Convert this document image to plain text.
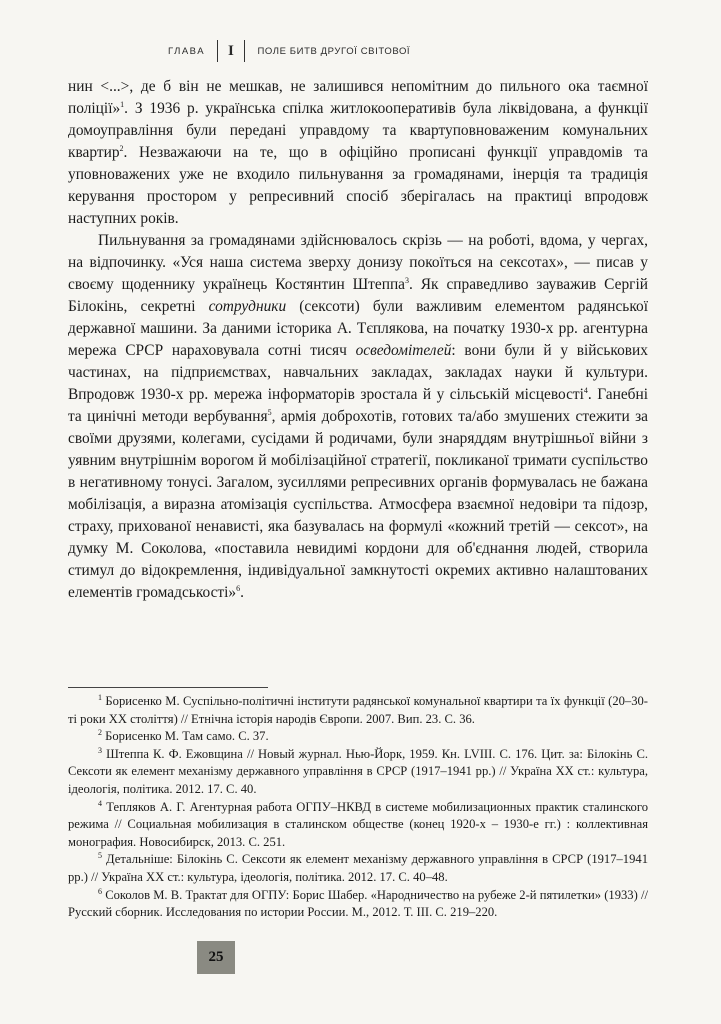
ГЛАВА	I	ПОЛЕ БИТВ ДРУГОЇ СВІТОВОЇ

нин <...>, де б він не мешкав, не залишився непомітним до пильного ока таємної поліції»$^1$. З 1936 р. українська спілка житлокооперативів була ліквідована, а функції домоуправління були передані управдому та квартуповноваженим комунальних квартир$^2$. Незважаючи на те, що в офіційно прописані функції управдомів та уповноважених уже не входило пильнування за громадянами, інерція та традиція керування простором у репресивний спосіб зберігалась на практиці впродовж наступних років.

Пильнування за громадянами здійснювалось скрізь — на роботі, вдома, у чергах, на відпочинку. «Уся наша система зверху донизу покоїться на сексотах», — писав у своєму щоденнику українець Костянтин Штеппа$^3$. Як справедливо зауважив Сергій Білокінь, секретні сотрудники (сексоти) були важливим елементом радянської державної машини. За даними історика А. Тєплякова, на початку 1930-х рр. агентурна мережа СРСР нараховувала сотні тисяч осведомітелей: вони були й у військових частинах, на підприємствах, навчальних закладах, закладах науки й культури. Впродовж 1930-х рр. мережа інформаторів зростала й у сільській місцевості$^4$. Ганебні та цинічні методи вербування$^5$, армія доброхотів, готових та/або змушених стежити за своїми друзями, колегами, сусідами й родичами, були знаряддям внутрішньої війни з уявним внутрішнім ворогом й мобілізаційної стратегії, покликаної тримати суспільство в негативному тонусі. Загалом, зусиллями репресивних органів формувалась не бажана мобілізація, а виразна атомізація суспільства. Атмосфера взаємної недовіри та підозр, страху, прихованої ненависті, яка базувалась на формулі «кожний третій — сексот», на думку М. Соколова, «поставила невидимі кордони для об'єднання людей, створила стимул до відокремлення, індивідуальної замкнутості окремих активно налаштованих елементів громадськості»$^6$.

$^1$ Борисенко М. Суспільно-політичні інститути радянської комунальної квартири та їх функції (20–30-ті роки XX століття) // Етнічна історія народів Європи. 2007. Вип. 23. С. 36.

$^2$ Борисенко М. Там само. С. 37.

$^3$ Штеппа К. Ф. Ежовщина // Новый журнал. Нью-Йорк, 1959. Кн. LVIII. С. 176. Цит. за: Білокінь С. Сексоти як елемент механізму державного управління в СРСР (1917–1941 рр.) // Україна XX ст.: культура, ідеологія, політика. 2012. 17. С. 40.

$^4$ Тепляков А. Г. Агентурная работа ОГПУ–НКВД в системе мобилизационных практик сталинского режима // Социальная мобилизация в сталинском обществе (конец 1920-х – 1930-е гг.) : коллективная монография. Новосибирск, 2013. С. 251.

$^5$ Детальніше: Білокінь С. Сексоти як елемент механізму державного управління в СРСР (1917–1941 рр.) // Україна XX ст.: культура, ідеологія, політика. 2012. 17. С. 40–48.

$^6$ Соколов М. В. Трактат для ОГПУ: Борис Шабер. «Народничество на рубеже 2-й пятилетки» (1933) // Русский сборник. Исследования по истории России. М., 2012. Т. III. С. 219–220.

25
